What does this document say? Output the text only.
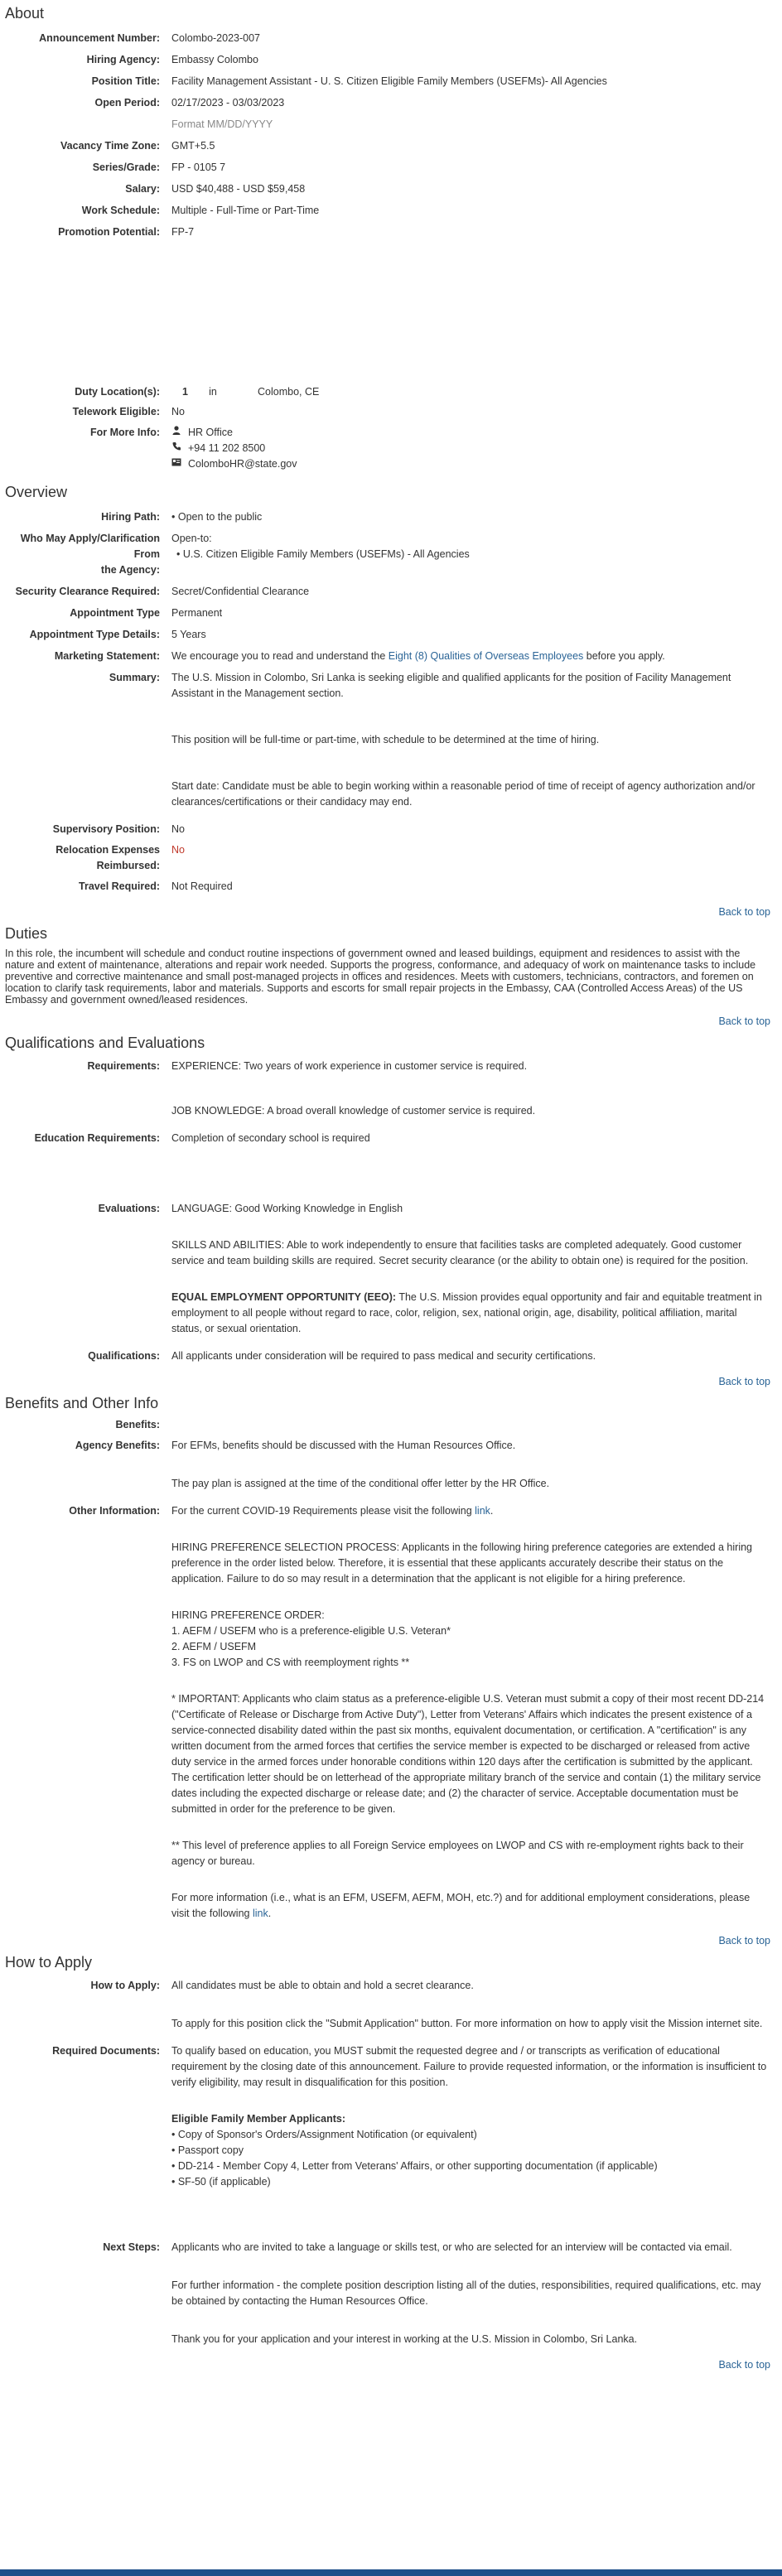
About
Announcement Number:	Colombo-2023-007
Hiring Agency:	Embassy Colombo
Position Title:	Facility Management Assistant - U. S. Citizen Eligible Family Members (USEFMs)- All Agencies
Open Period:	02/17/2023 - 03/03/2023
Format MM/DD/YYYY
Vacancy Time Zone:	GMT+5.5
Series/Grade:	FP - 0105 7
Salary:	USD $40,488 - USD $59,458
Work Schedule:	Multiple - Full-Time or Part-Time
Promotion Potential:	FP-7
Duty Location(s):	1	in	Colombo, CE
Telework Eligible:	No
For More Info:	HR Office
+94 11 202 8500
ColomboHR@state.gov
Overview
Hiring Path:	• Open to the public
Who May Apply/Clarification From
the Agency:
Open-to:
• U.S. Citizen Eligible Family Members (USEFMs) - All Agencies
Security Clearance Required:	Secret/Confidential Clearance
Appointment Type	Permanent
Appointment Type Details:	5 Years
Marketing Statement:	We encourage you to read and understand the Eight (8) Qualities of Overseas Employees before you apply.
Summary:	The U.S. Mission in Colombo, Sri Lanka is seeking eligible and qualified applicants for the position of Facility Management Assistant in the Management section.

This position will be full-time or part-time, with schedule to be determined at the time of hiring.

Start date: Candidate must be able to begin working within a reasonable period of time of receipt of agency authorization and/or clearances/certifications or their candidacy may end.

Supervisory Position:	No
Relocation Expenses Reimbursed:
No
Travel Required:	Not Required
Back to top
Duties
In this role, the incumbent will schedule and conduct routine inspections of government owned and leased buildings, equipment and residences to assist with the nature and extent of maintenance, alterations and repair work needed. Supports the progress, conformance, and adequacy of work on maintenance tasks to include preventive and corrective maintenance and small post-managed projects in offices and residences. Meets with customers, technicians, contractors, and foremen on location to clarify task requirements, labor and materials. Supports and escorts for small repair projects in the Embassy, CAA (Controlled Access Areas) of the US Embassy and government owned/leased residences.
Back to top
Qualifications and Evaluations
Requirements:	EXPERIENCE: Two years of work experience in customer service is required.

JOB KNOWLEDGE: A broad overall knowledge of customer service is required.

Education Requirements:	Completion of secondary school is required
Evaluations:	LANGUAGE: Good Working Knowledge in English

SKILLS AND ABILITIES: Able to work independently to ensure that facilities tasks are completed adequately. Good customer service and team building skills are required. Secret security clearance (or the ability to obtain one) is required for the position.

EQUAL EMPLOYMENT OPPORTUNITY (EEO): The U.S. Mission provides equal opportunity and fair and equitable treatment in employment to all people without regard to race, color, religion, sex, national origin, age, disability, political affiliation, marital status, or sexual orientation.

Qualifications:	All applicants under consideration will be required to pass medical and security certifications.
Back to top
Benefits and Other Info
Benefits:
Agency Benefits:	For EFMs, benefits should be discussed with the Human Resources Office.

The pay plan is assigned at the time of the conditional offer letter by the HR Office.

Other Information:	For the current COVID-19 Requirements please visit the following link.

HIRING PREFERENCE SELECTION PROCESS: Applicants in the following hiring preference categories are extended a hiring preference in the order listed below. Therefore, it is essential that these applicants accurately describe their status on the application. Failure to do so may result in a determination that the applicant is not eligible for a hiring preference.

HIRING PREFERENCE ORDER:
1. AEFM / USEFM who is a preference-eligible U.S. Veteran*
2. AEFM / USEFM
3. FS on LWOP and CS with reemployment rights **

* IMPORTANT: Applicants who claim status as a preference-eligible U.S. Veteran must submit a copy of their most recent DD-214 ("Certificate of Release or Discharge from Active Duty"), Letter from Veterans' Affairs which indicates the present existence of a service-connected disability dated within the past six months, equivalent documentation, or certification. A "certification" is any written document from the armed forces that certifies the service member is expected to be discharged or released from active duty service in the armed forces under honorable conditions within 120 days after the certification is submitted by the applicant. The certification letter should be on letterhead of the appropriate military branch of the service and contain (1) the military service dates including the expected discharge or release date; and (2) the character of service. Acceptable documentation must be submitted in order for the preference to be given.

** This level of preference applies to all Foreign Service employees on LWOP and CS with re-employment rights back to their agency or bureau.

For more information (i.e., what is an EFM, USEFM, AEFM, MOH, etc.?) and for additional employment considerations, please visit the following link.

Back to top
How to Apply
How to Apply:	All candidates must be able to obtain and hold a secret clearance.

To apply for this position click the "Submit Application" button. For more information on how to apply visit the Mission internet site.

Required Documents:	To qualify based on education, you MUST submit the requested degree and / or transcripts as verification of educational requirement by the closing date of this announcement. Failure to provide requested information, or the information is insufficient to verify eligibility, may result in disqualification for this position.

Eligible Family Member Applicants:
• Copy of Sponsor's Orders/Assignment Notification (or equivalent)
• Passport copy
• DD-214 - Member Copy 4, Letter from Veterans' Affairs, or other supporting documentation (if applicable)
• SF-50 (if applicable)
Next Steps:	Applicants who are invited to take a language or skills test, or who are selected for an interview will be contacted via email.

For further information - the complete position description listing all of the duties, responsibilities, required qualifications, etc. may be obtained by contacting the Human Resources Office.

Thank you for your application and your interest in working at the U.S. Mission in Colombo, Sri Lanka.

Back to top
